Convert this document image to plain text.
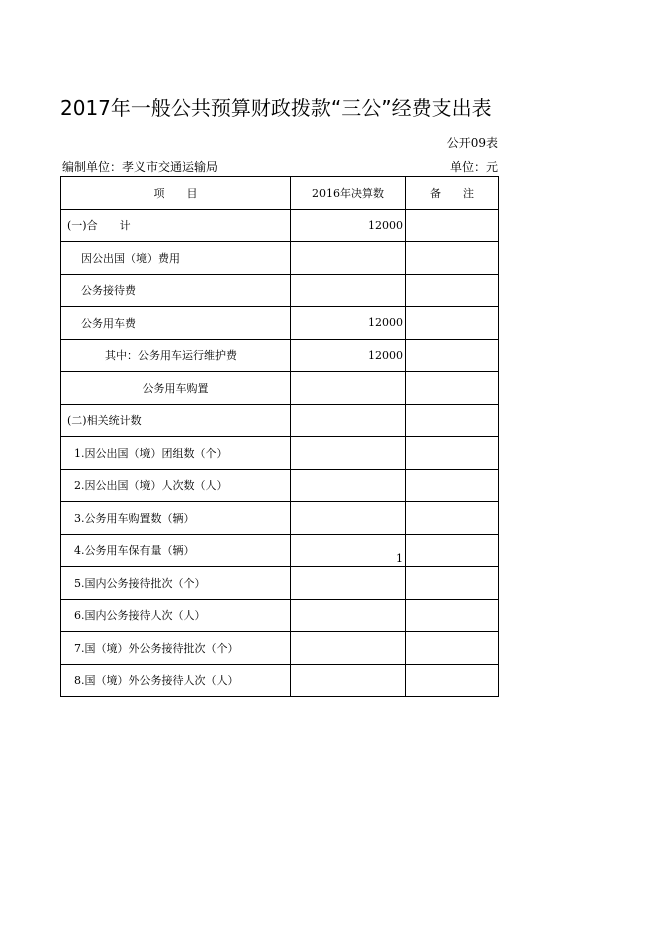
2017年一般公共预算财政拨款“三公”经费支出表
公开09表
编制单位：孝义市交通运输局	单位：元
项　　目	2016年决算数	备　　注
(一)合　　计	12000	
因公出国（境）费用		
公务接待费		
公务用车费	12000	
其中：公务用车运行维护费	12000	
公务用车购置		
(二)相关统计数		
1.因公出国（境）团组数（个）		
2.因公出国（境）人次数（人）		
3.公务用车购置数（辆）		
4.公务用车保有量（辆）	1	
5.国内公务接待批次（个）		
6.国内公务接待人次（人）		
7.国（境）外公务接待批次（个）		
8.国（境）外公务接待人次（人）		
